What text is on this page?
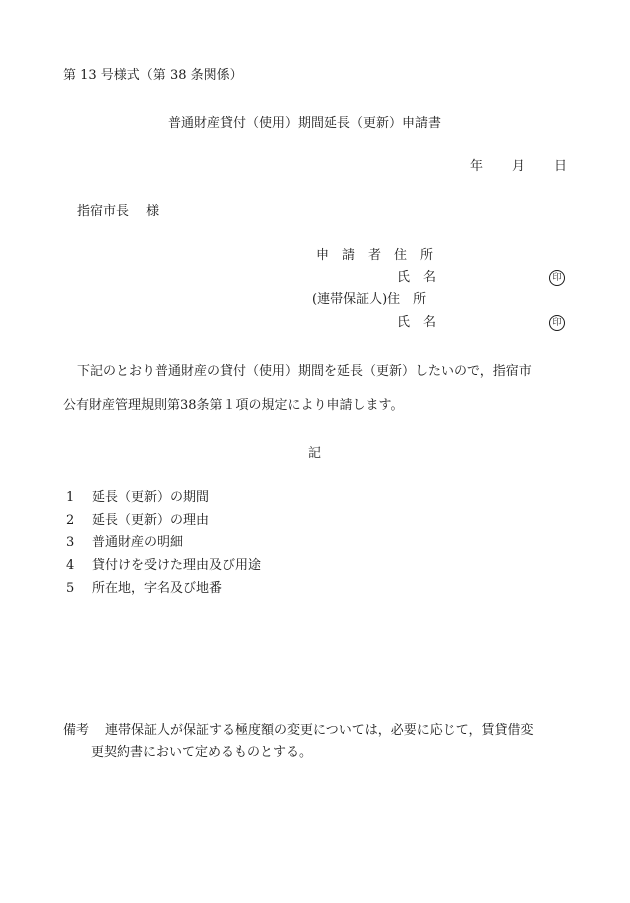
第 13 号様式（第 38 条関係）
普通財産貸付（使用）期間延長（更新）申請書
年 月 日
指宿市長　 様
申　請　者　住　所
氏　名	印
(連帯保証人)住　所
氏　名	印
下記のとおり普通財産の貸付（使用）期間を延長（更新）したいので，指宿市
公有財産管理規則第38条第１項の規定により申請します。
記
1 延長（更新）の期間
2 延長（更新）の理由
3 普通財産の明細
4 貸付けを受けた理由及び用途
5 所在地，字名及び地番
備考 連帯保証人が保証する極度額の変更については，必要に応じて，賃貸借変
更契約書において定めるものとする。
